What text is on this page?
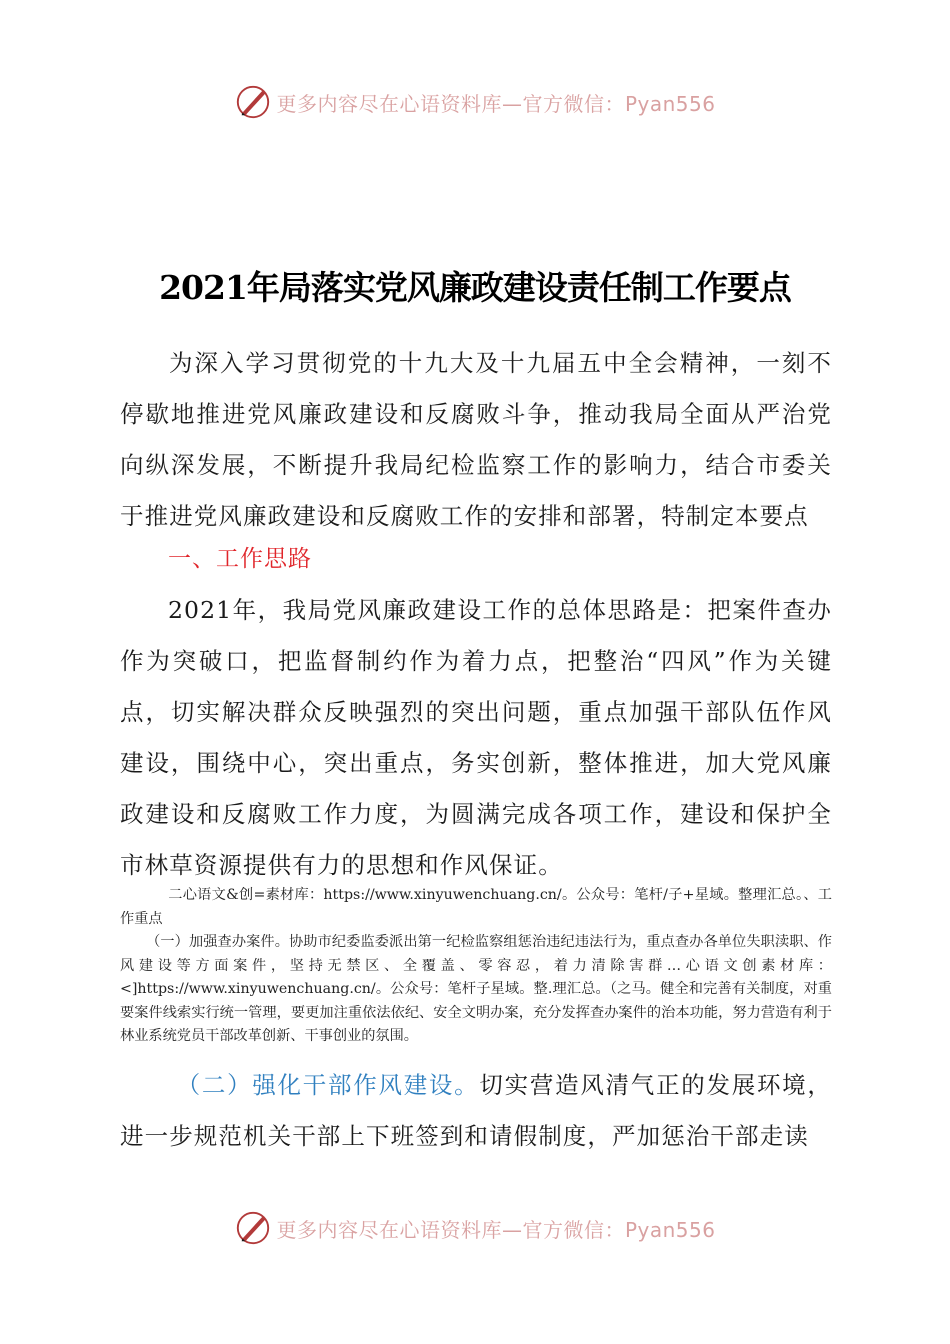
更多内容尽在心语资料库—官方微信：Pyan556
2021年局落实党风廉政建设责任制工作要点

为深入学习贯彻党的十九大及十九届五中全会精神，一刻不停歇地推进党风廉政建设和反腐败斗争，推动我局全面从严治党向纵深发展，不断提升我局纪检监察工作的影响力，结合市委关于推进党风廉政建设和反腐败工作的安排和部署，特制定本要点

一、工作思路

2021年，我局党风廉政建设工作的总体思路是：把案件查办作为突破口，把监督制约作为着力点，把整治“四风”作为关键点，切实解决群众反映强烈的突出问题，重点加强干部队伍作风建设，围绕中心，突出重点，务实创新，整体推进，加大党风廉政建设和反腐败工作力度，为圆满完成各项工作，建设和保护全市林草资源提供有力的思想和作风保证。

二心语文&创=素材库：https://www.xinyuwenchuang.cn/。公众号：笔杆/子+星域。整理汇总。、工作重点

（一）加强查办案件。协助市纪委监委派出第一纪检监察组惩治违纪违法行为，重点查办各单位失职渎职、作风建设等方面案件，坚持无禁区、全覆盖、零容忍，着力清除害群…心语文创素材库：<]https://www.xinyuwenchuang.cn/。公众号：笔杆子星域。整.理汇总。（之马。健全和完善有关制度，对重要案件线索实行统一管理，要更加注重依法依纪、安全文明办案，充分发挥查办案件的治本功能，努力营造有利于林业系统党员干部改革创新、干事创业的氛围。

（二）强化干部作风建设。切实营造风清气正的发展环境，进一步规范机关干部上下班签到和请假制度，严加惩治干部走读

更多内容尽在心语资料库—官方微信：Pyan556
